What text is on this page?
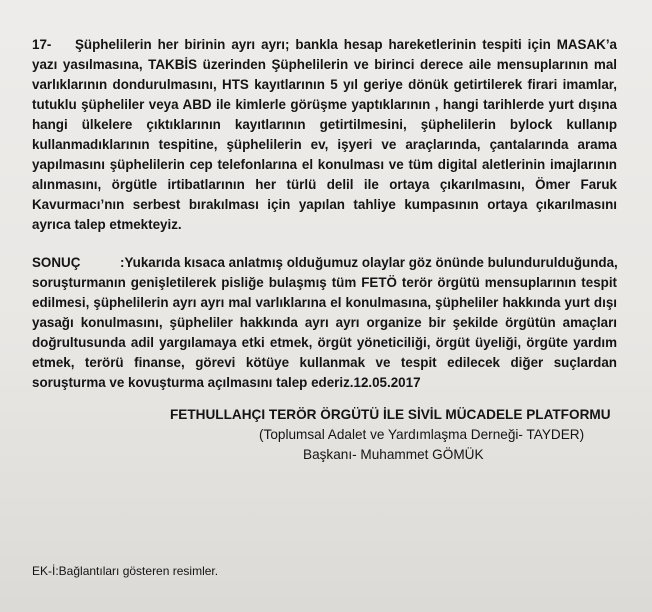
17- Şüphelilerin her birinin ayrı ayrı; bankla hesap hareketlerinin tespiti için MASAK’a
yazı yasılmasına, TAKBİS üzerinden Şüphelilerin ve birinci derece aile mensuplarının mal
varlıklarının dondurulmasını, HTS kayıtlarının 5 yıl geriye dönük getirtilerek firari imamlar,
tutuklu şüpheliler veya ABD ile kimlerle görüşme yaptıklarının , hangi tarihlerde yurt dışına
hangi ülkelere çıktıklarının kayıtlarının getirtilmesini, şüphelilerin bylock kullanıp
kullanmadıklarının tespitine, şüphelilerin ev, işyeri ve araçlarında, çantalarında arama
yapılmasını şüphelilerin cep telefonlarına el konulması ve tüm digital aletlerinin imajlarının
alınmasını, örgütle irtibatlarının her türlü delil ile ortaya çıkarılmasını, Ömer Faruk
Kavurmacı’nın serbest bırakılması için yapılan tahliye kumpasının ortaya çıkarılmasını
ayrıca talep etmekteyiz.
SONUÇ	:Yukarıda kısaca anlatmış olduğumuz olaylar göz önünde bulundurulduğunda,
soruşturmanın genişletilerek pisliğe bulaşmış tüm FETÖ terör örgütü mensuplarının tespit
edilmesi, şüphelilerin ayrı ayrı mal varlıklarına el konulmasına, şüpheliler hakkında yurt dışı
yasağı konulmasını, şüpheliler hakkında ayrı ayrı organize bir şekilde örgütün amaçları
doğrultusunda adil yargılamaya etki etmek, örgüt yöneticiliği, örgüt üyeliği, örgüte yardım
etmek, terörü finanse, görevi kötüye kullanmak ve tespit edilecek diğer suçlardan
soruşturma ve kovuşturma açılmasını talep ederiz.12.05.2017
FETHULLAHÇI TERÖR ÖRGÜTÜ İLE SİVİL MÜCADELE PLATFORMU
(Toplumsal Adalet ve Yardımlaşma Derneği- TAYDER)
Başkanı- Muhammet GÖMÜK
EK-İ:Bağlantıları gösteren resimler.
